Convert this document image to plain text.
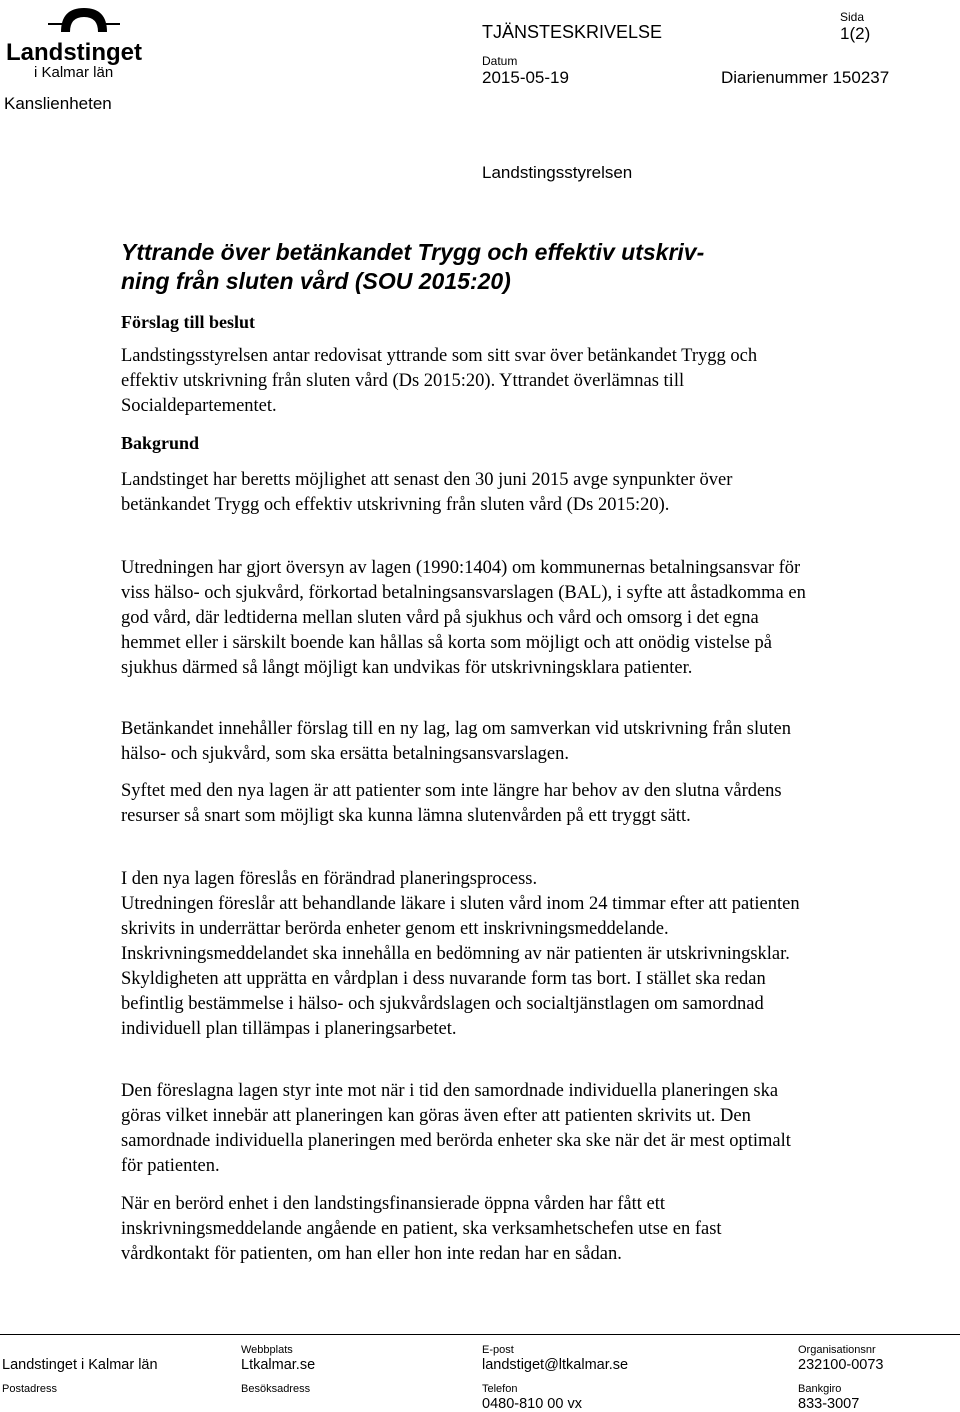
Landstinget
i Kalmar län
Kanslienheten
TJÄNSTESKRIVELSE
Sida
1(2)
Datum
2015-05-19	Diarienummer 150237
Landstingsstyrelsen
Yttrande över betänkandet Trygg och effektiv utskriv-
ning från sluten vård (SOU 2015:20)
Förslag till beslut

Landstingsstyrelsen antar redovisat yttrande som sitt svar över betänkandet Trygg och effektiv utskrivning från sluten vård (Ds 2015:20). Yttrandet överlämnas till Socialdepartementet.

Bakgrund

Landstinget har beretts möjlighet att senast den 30 juni 2015 avge synpunkter över betänkandet Trygg och effektiv utskrivning från sluten vård (Ds 2015:20).

Utredningen har gjort översyn av lagen (1990:1404) om kommunernas betalningsansvar för viss hälso- och sjukvård, förkortad betalningsansvarslagen (BAL), i syfte att åstadkomma en god vård, där ledtiderna mellan sluten vård på sjukhus och vård och omsorg i det egna hemmet eller i särskilt boende kan hållas så korta som möjligt och att onödig vistelse på sjukhus därmed så långt möjligt kan undvikas för utskrivningsklara patienter.

Betänkandet innehåller förslag till en ny lag, lag om samverkan vid utskrivning från sluten hälso- och sjukvård, som ska ersätta betalningsansvarslagen.

Syftet med den nya lagen är att patienter som inte längre har behov av den slutna vårdens resurser så snart som möjligt ska kunna lämna slutenvården på ett tryggt sätt.

I den nya lagen föreslås en förändrad planeringsprocess.

Utredningen föreslår att behandlande läkare i sluten vård inom 24 timmar efter att patienten skrivits in underrättar berörda enheter genom ett inskrivningsmeddelande. Inskrivningsmeddelandet ska innehålla en bedömning av när patienten är utskrivningsklar. Skyldigheten att upprätta en vårdplan i dess nuvarande form tas bort. I stället ska redan befintlig bestämmelse i hälso- och sjukvårdslagen och socialtjänstlagen om samordnad individuell plan tillämpas i planeringsarbetet.

Den föreslagna lagen styr inte mot när i tid den samordnade individuella planeringen ska göras vilket innebär att planeringen kan göras även efter att patienten skrivits ut. Den samordnade individuella planeringen med berörda enheter ska ske när det är mest optimalt för patienten.

När en berörd enhet i den landstingsfinansierade öppna vården har fått ett inskrivningsmeddelande angående en patient, ska verksamhetschefen utse en fast vårdkontakt för patienten, om han eller hon inte redan har en sådan.

Landstinget i Kalmar län
Postadress
Webbplats
Ltkalmar.se
Besöksadress
E-post
landstiget@ltkalmar.se
Telefon
0480-810 00 vx
Organisationsnr
232100-0073
Bankgiro
833-3007
